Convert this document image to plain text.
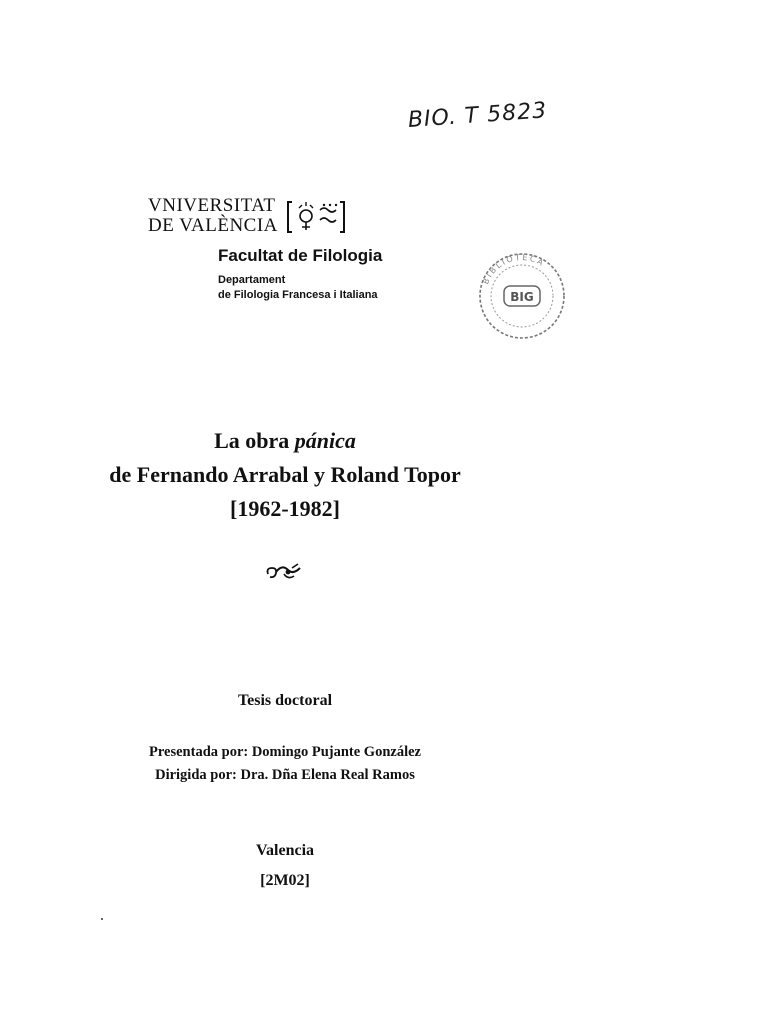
BIO. T 5823
VNIVERSITAT
DE VALÈNCIA
Facultat de Filologia
Departament
de Filologia Francesa i Italiana	BIG
BIBLIOTECA
La obra pánica
de Fernando Arrabal y Roland Topor
[1962-1982]
Tesis doctoral
Presentada por: Domingo Pujante González
Dirigida por: Dra. Dña Elena Real Ramos
Valencia
[2M02]
